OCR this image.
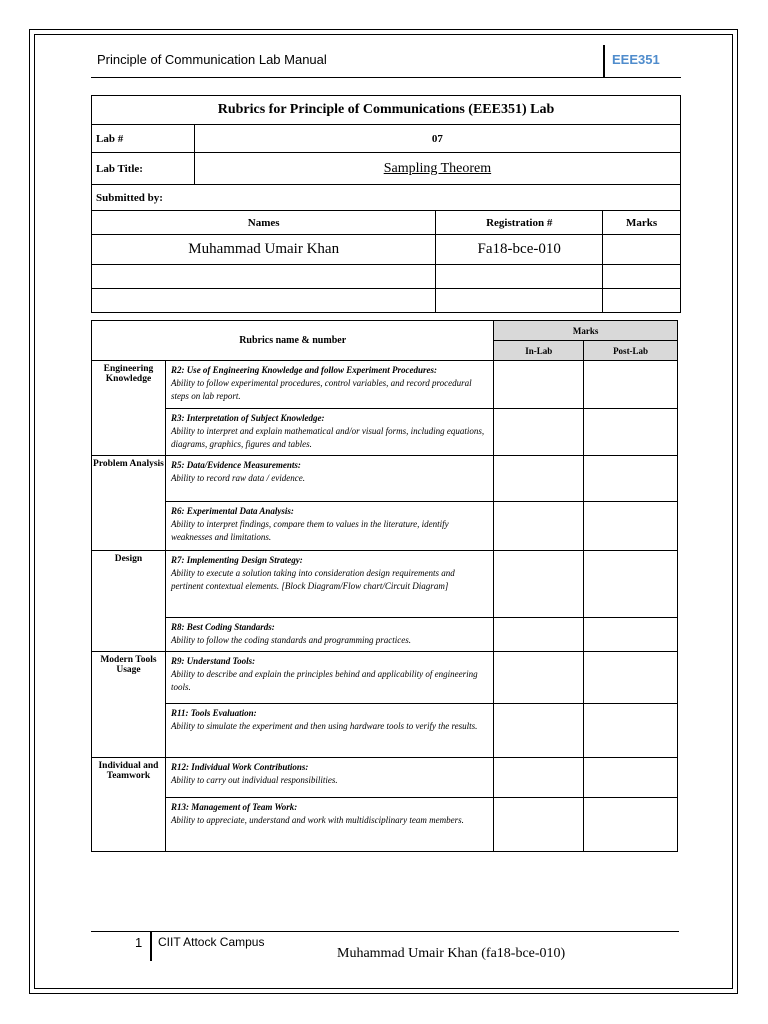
Principle of Communication Lab Manual	EEE351
Rubrics for Principle of Communications (EEE351) Lab			
Lab #	07		
Lab Title:	Sampling Theorem		
Submitted by:			
Names		Registration #	Marks
Muhammad Umair Khan		Fa18-bce-010	

Rubrics name & number		Marks	
		In-Lab	Post-Lab
Engineering Knowledge	R2: Use of Engineering Knowledge and follow Experiment Procedures:
Ability to follow experimental procedures, control variables, and record procedural steps on lab report.		

	R3: Interpretation of Subject Knowledge:
Ability to interpret and explain mathematical and/or visual forms, including equations, diagrams, graphics, figures and tables.		

Problem Analysis	R5: Data/Evidence Measurements:
Ability to record raw data / evidence.		

	R6: Experimental Data Analysis:
Ability to interpret findings, compare them to values in the literature, identify weaknesses and limitations.		

Design	R7: Implementing Design Strategy:
Ability to execute a solution taking into consideration design requirements and pertinent contextual elements. [Block Diagram/Flow chart/Circuit Diagram]		

	R8: Best Coding Standards:
Ability to follow the coding standards and programming practices.		

Modern Tools Usage	R9: Understand Tools:
Ability to describe and explain the principles behind and applicability of engineering tools.		

	R11: Tools Evaluation:
Ability to simulate the experiment and then using hardware tools to verify the results.		

Individual and Teamwork	R12: Individual Work Contributions:
Ability to carry out individual responsibilities.		

	R13: Management of Team Work:
Ability to appreciate, understand and work with multidisciplinary team members.		

1 CIIT Attock Campus
Muhammad Umair Khan (fa18-bce-010)
